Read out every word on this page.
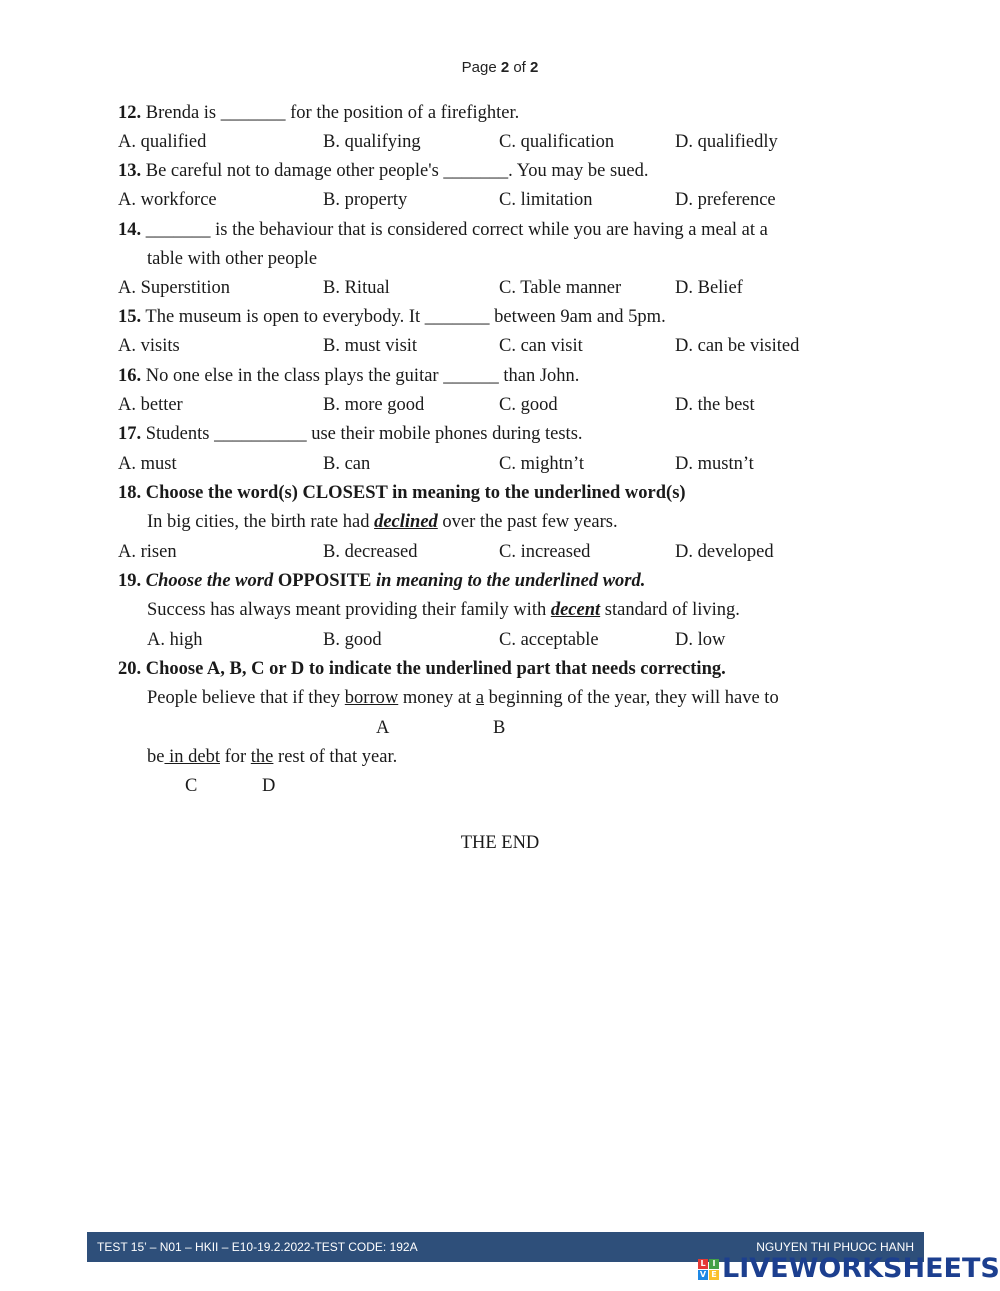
Page 2 of 2
12. Brenda is _______ for the position of a firefighter.
A. qualified	B. qualifying	C. qualification	D. qualifiedly
13. Be careful not to damage other people's _______. You may be sued.
A. workforce	B. property	C. limitation	D. preference
14. _______ is the behaviour that is considered correct while you are having a meal at a
table with other people
A. Superstition	B. Ritual	C. Table manner	D. Belief
15. The museum is open to everybody. It _______ between 9am and 5pm.
A. visits	B. must visit	C. can visit	D. can be visited
16. No one else in the class plays the guitar ______ than John.
A. better	B. more good	C. good	D. the best
17. Students __________ use their mobile phones during tests.
A. must	B. can	C. mightn’t	D. mustn’t
18. Choose the word(s) CLOSEST in meaning to the underlined word(s)
In big cities, the birth rate had declined over the past few years.
A. risen	B. decreased	C. increased	D. developed
19. Choose the word OPPOSITE in meaning to the underlined word.
Success has always meant providing their family with decent standard of living.
A. high	B. good	C. acceptable	D. low
20. Choose A, B, C or D to indicate the underlined part that needs correcting.
People believe that if they borrow money at a beginning of the year, they will have to
A	B
be in debt for the rest of that year.
C	D
THE END
TEST 15’ – N01 – HKII – E10-19.2.2022-TEST CODE: 192A	NGUYEN THI PHUOC HANH
L I
V E LIVEWORKSHEETS
